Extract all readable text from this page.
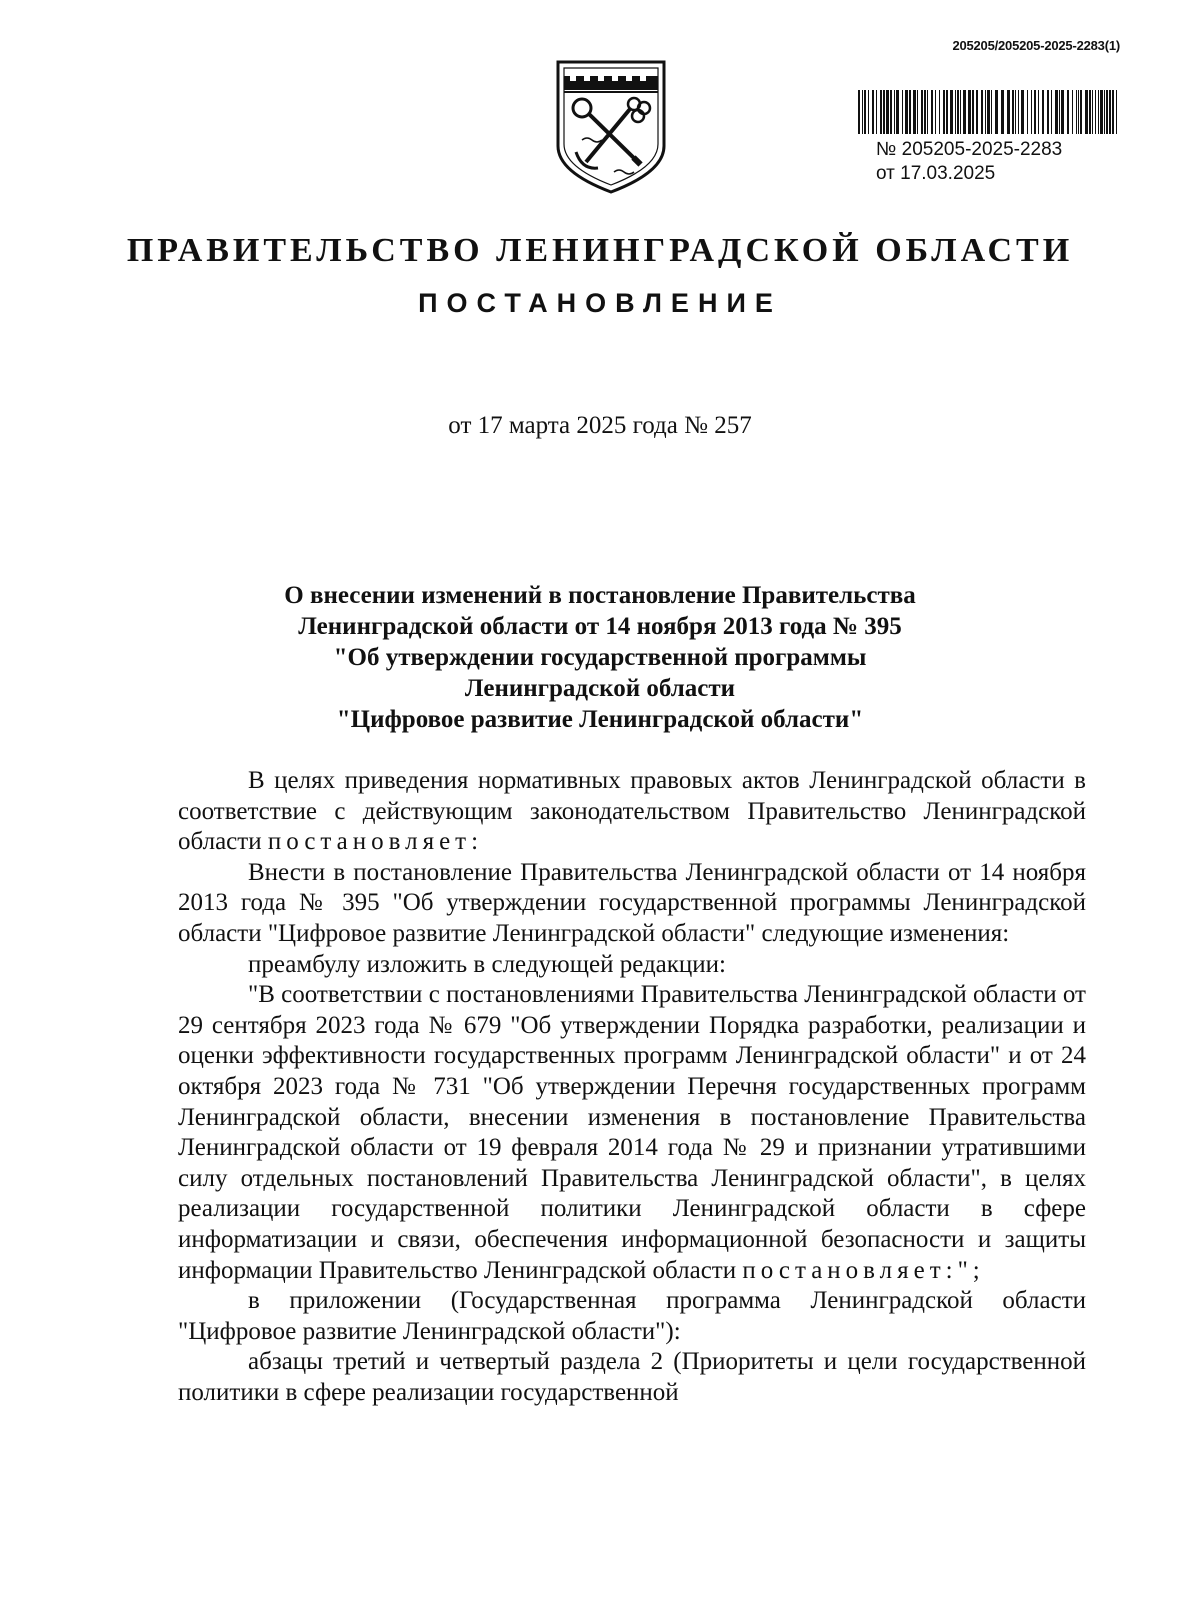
205205/205205-2025-2283(1)
№ 205205-2025-2283
от 17.03.2025
ПРАВИТЕЛЬСТВО ЛЕНИНГРАДСКОЙ ОБЛАСТИ
ПОСТАНОВЛЕНИЕ
от 17 марта 2025 года № 257
О внесении изменений в постановление Правительства
Ленинградской области от 14 ноября 2013 года № 395
"Об утверждении государственной программы
Ленинградской области
"Цифровое развитие Ленинградской области"

В целях приведения нормативных правовых актов Ленинградской области в соответствие с действующим законодательством Правительство Ленинградской области постановляет:

Внести в постановление Правительства Ленинградской области от 14 ноября 2013 года № 395 "Об утверждении государственной программы Ленинградской области "Цифровое развитие Ленинградской области" следующие изменения:

преамбулу изложить в следующей редакции:

"В соответствии с постановлениями Правительства Ленинградской области от 29 сентября 2023 года № 679 "Об утверждении Порядка разработки, реализации и оценки эффективности государственных программ Ленинградской области" и от 24 октября 2023 года № 731 "Об утверждении Перечня государственных программ Ленинградской области, внесении изменения в постановление Правительства Ленинградской области от 19 февраля 2014 года № 29 и признании утратившими силу отдельных постановлений Правительства Ленинградской области", в целях реализации государственной политики Ленинградской области в сфере информатизации и связи, обеспечения информационной безопасности и защиты информации Правительство Ленинградской области постановляет:";

в приложении (Государственная программа Ленинградской области "Цифровое развитие Ленинградской области"):

абзацы третий и четвертый раздела 2 (Приоритеты и цели государственной политики в сфере реализации государственной
